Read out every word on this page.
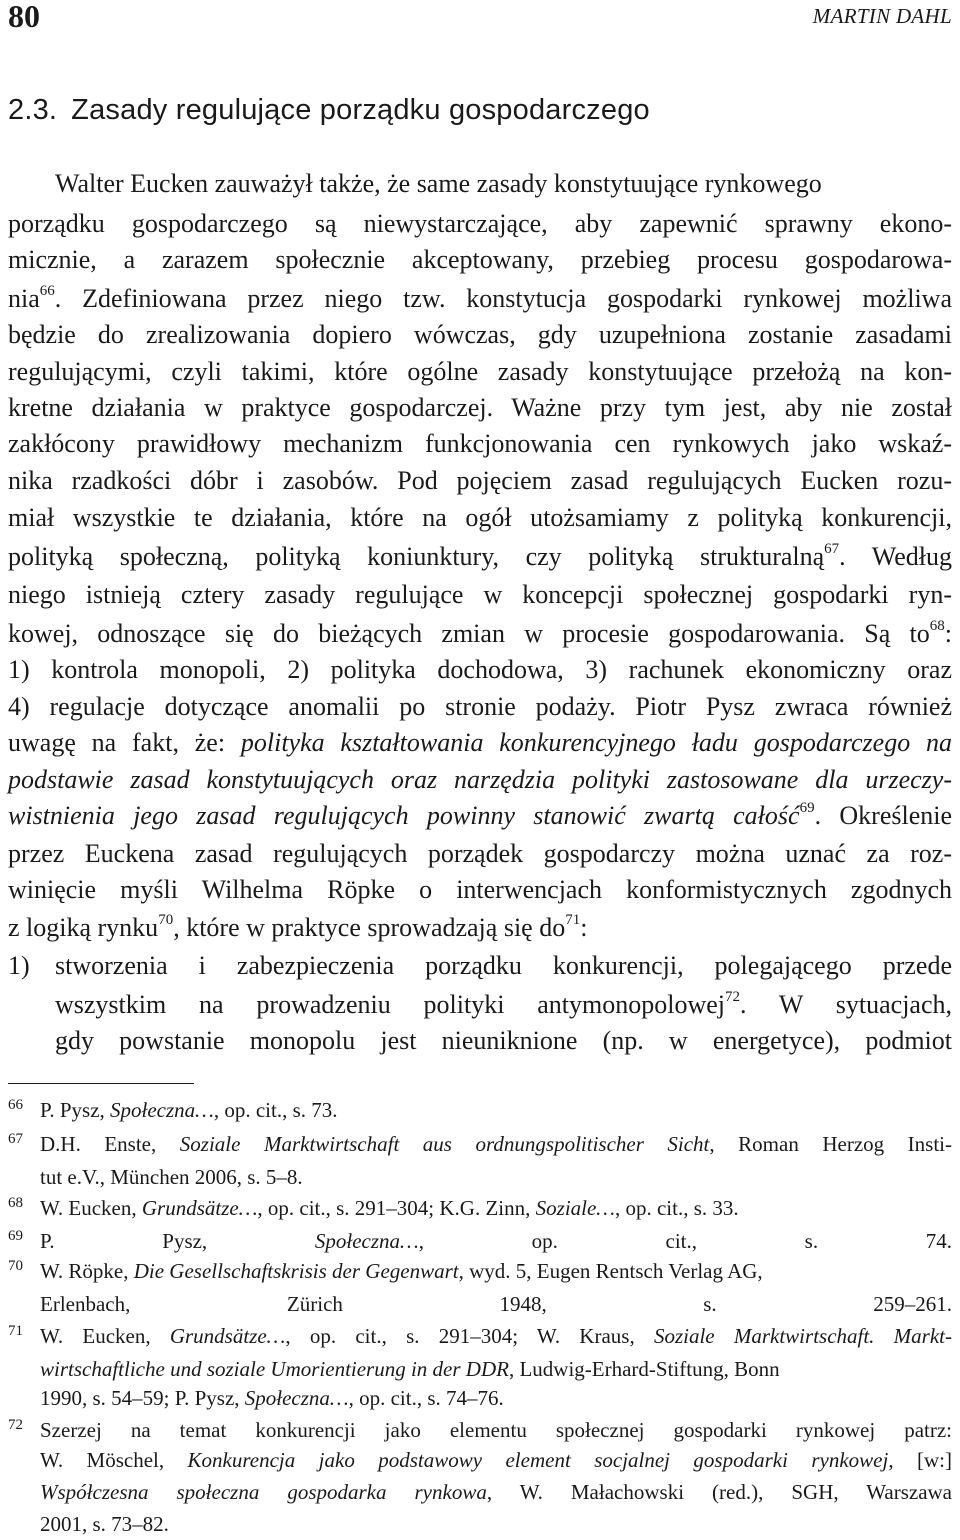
80	MARTIN DAHL
2.3. Zasady regulujące porządku gospodarczego
Walter Eucken zauważył także, że same zasady konstytuujące rynkowego
porządku gospodarczego są niewystarczające, aby zapewnić sprawny ekono-
micznie, a zarazem społecznie akceptowany, przebieg procesu gospodarowa-
nia$^{66}$. Zdefiniowana przez niego tzw. konstytucja gospodarki rynkowej możliwa
będzie do zrealizowania dopiero wówczas, gdy uzupełniona zostanie zasadami
regulującymi, czyli takimi, które ogólne zasady konstytuujące przełożą na kon-
kretne działania w praktyce gospodarczej. Ważne przy tym jest, aby nie został
zakłócony prawidłowy mechanizm funkcjonowania cen rynkowych jako wskaź-
nika rzadkości dóbr i zasobów. Pod pojęciem zasad regulujących Eucken rozu-
miał wszystkie te działania, które na ogół utożsamiamy z polityką konkurencji,
polityką społeczną, polityką koniunktury, czy polityką strukturalną$^{67}$. Według
niego istnieją cztery zasady regulujące w koncepcji społecznej gospodarki ryn-
kowej, odnoszące się do bieżących zmian w procesie gospodarowania. Są $to^{68}$:
1) kontrola monopoli, 2) polityka dochodowa, 3) rachunek ekonomiczny oraz
4) regulacje dotyczące anomalii po stronie podaży. Piotr Pysz zwraca również
uwagę na fakt, że: polityka kształtowania konkurencyjnego ładu gospodarczego na
podstawie zasad konstytuujących oraz narzędzia polityki zastosowane dla urzeczy-
wistnienia jego zasad regulujących powinny stanowić zwartą całość$^{69}$. Określenie
przez Euckena zasad regulujących porządek gospodarczy można uznać za roz-
winięcie myśli Wilhelma Röpke o interwencjach konformistycznych zgodnych
z logiką rynku$^{70}$, które w praktyce sprowadzają się $do^{71}$:
1) stworzenia i zabezpieczenia porządku konkurencji, polegającego przede
wszystkim na prowadzeniu polityki antymonopolowej$^{72}$. W sytuacjach,
gdy powstanie monopolu jest nieuniknione (np. w energetyce), podmiot
66 P. Pysz, Społeczna…, op. cit., s. 73.
67 D.H. Enste, Soziale Marktwirtschaft aus ordnungspolitischer Sicht, Roman Herzog Insti-
tut e.V., München 2006, s. 5–8.
68 W. Eucken, Grundsätze…, op. cit., s. 291–304; K.G. Zinn, Soziale…, op. cit., s. 33.
69 P. Pysz, Społeczna…, op. cit., s. 74.
70 W. Röpke, Die Gesellschaftskrisis der Gegenwart, wyd. 5, Eugen Rentsch Verlag AG,
Erlenbach, Zürich 1948, s. 259–261.
71 W. Eucken, Grundsätze…, op. cit., s. 291–304; W. Kraus, Soziale Marktwirtschaft. Markt-
wirtschaftliche und soziale Umorientierung in der DDR, Ludwig-Erhard-Stiftung, Bonn
1990, s. 54–59; P. Pysz, Społeczna…, op. cit., s. 74–76.
72 Szerzej na temat konkurencji jako elementu społecznej gospodarki rynkowej patrz:
W. Möschel, Konkurencja jako podstawowy element socjalnej gospodarki rynkowej, [w:]
Współczesna społeczna gospodarka rynkowa, W. Małachowski (red.), SGH, Warszawa
2001, s. 73–82.
